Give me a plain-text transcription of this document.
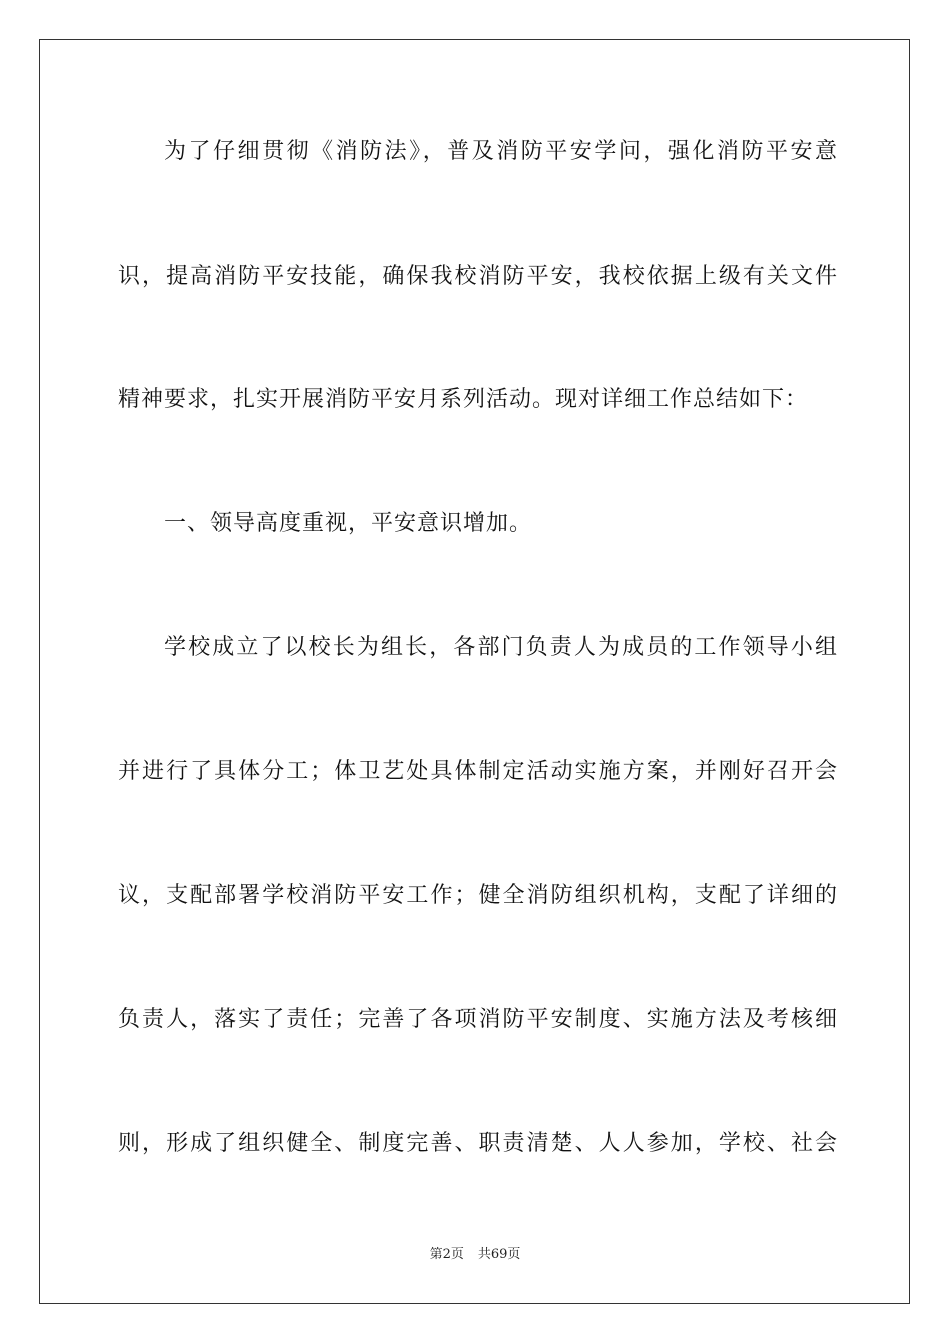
为了仔细贯彻《消防法》，普及消防平安学问，强化消防平安意
识，提高消防平安技能，确保我校消防平安，我校依据上级有关文件
精神要求，扎实开展消防平安月系列活动。现对详细工作总结如下：
一、领导高度重视，平安意识增加。
学校成立了以校长为组长，各部门负责人为成员的工作领导小组
并进行了具体分工；体卫艺处具体制定活动实施方案，并刚好召开会
议，支配部署学校消防平安工作；健全消防组织机构，支配了详细的
负责人，落实了责任；完善了各项消防平安制度、实施方法及考核细
则，形成了组织健全、制度完善、职责清楚、人人参加，学校、社会
第2页 共69页
